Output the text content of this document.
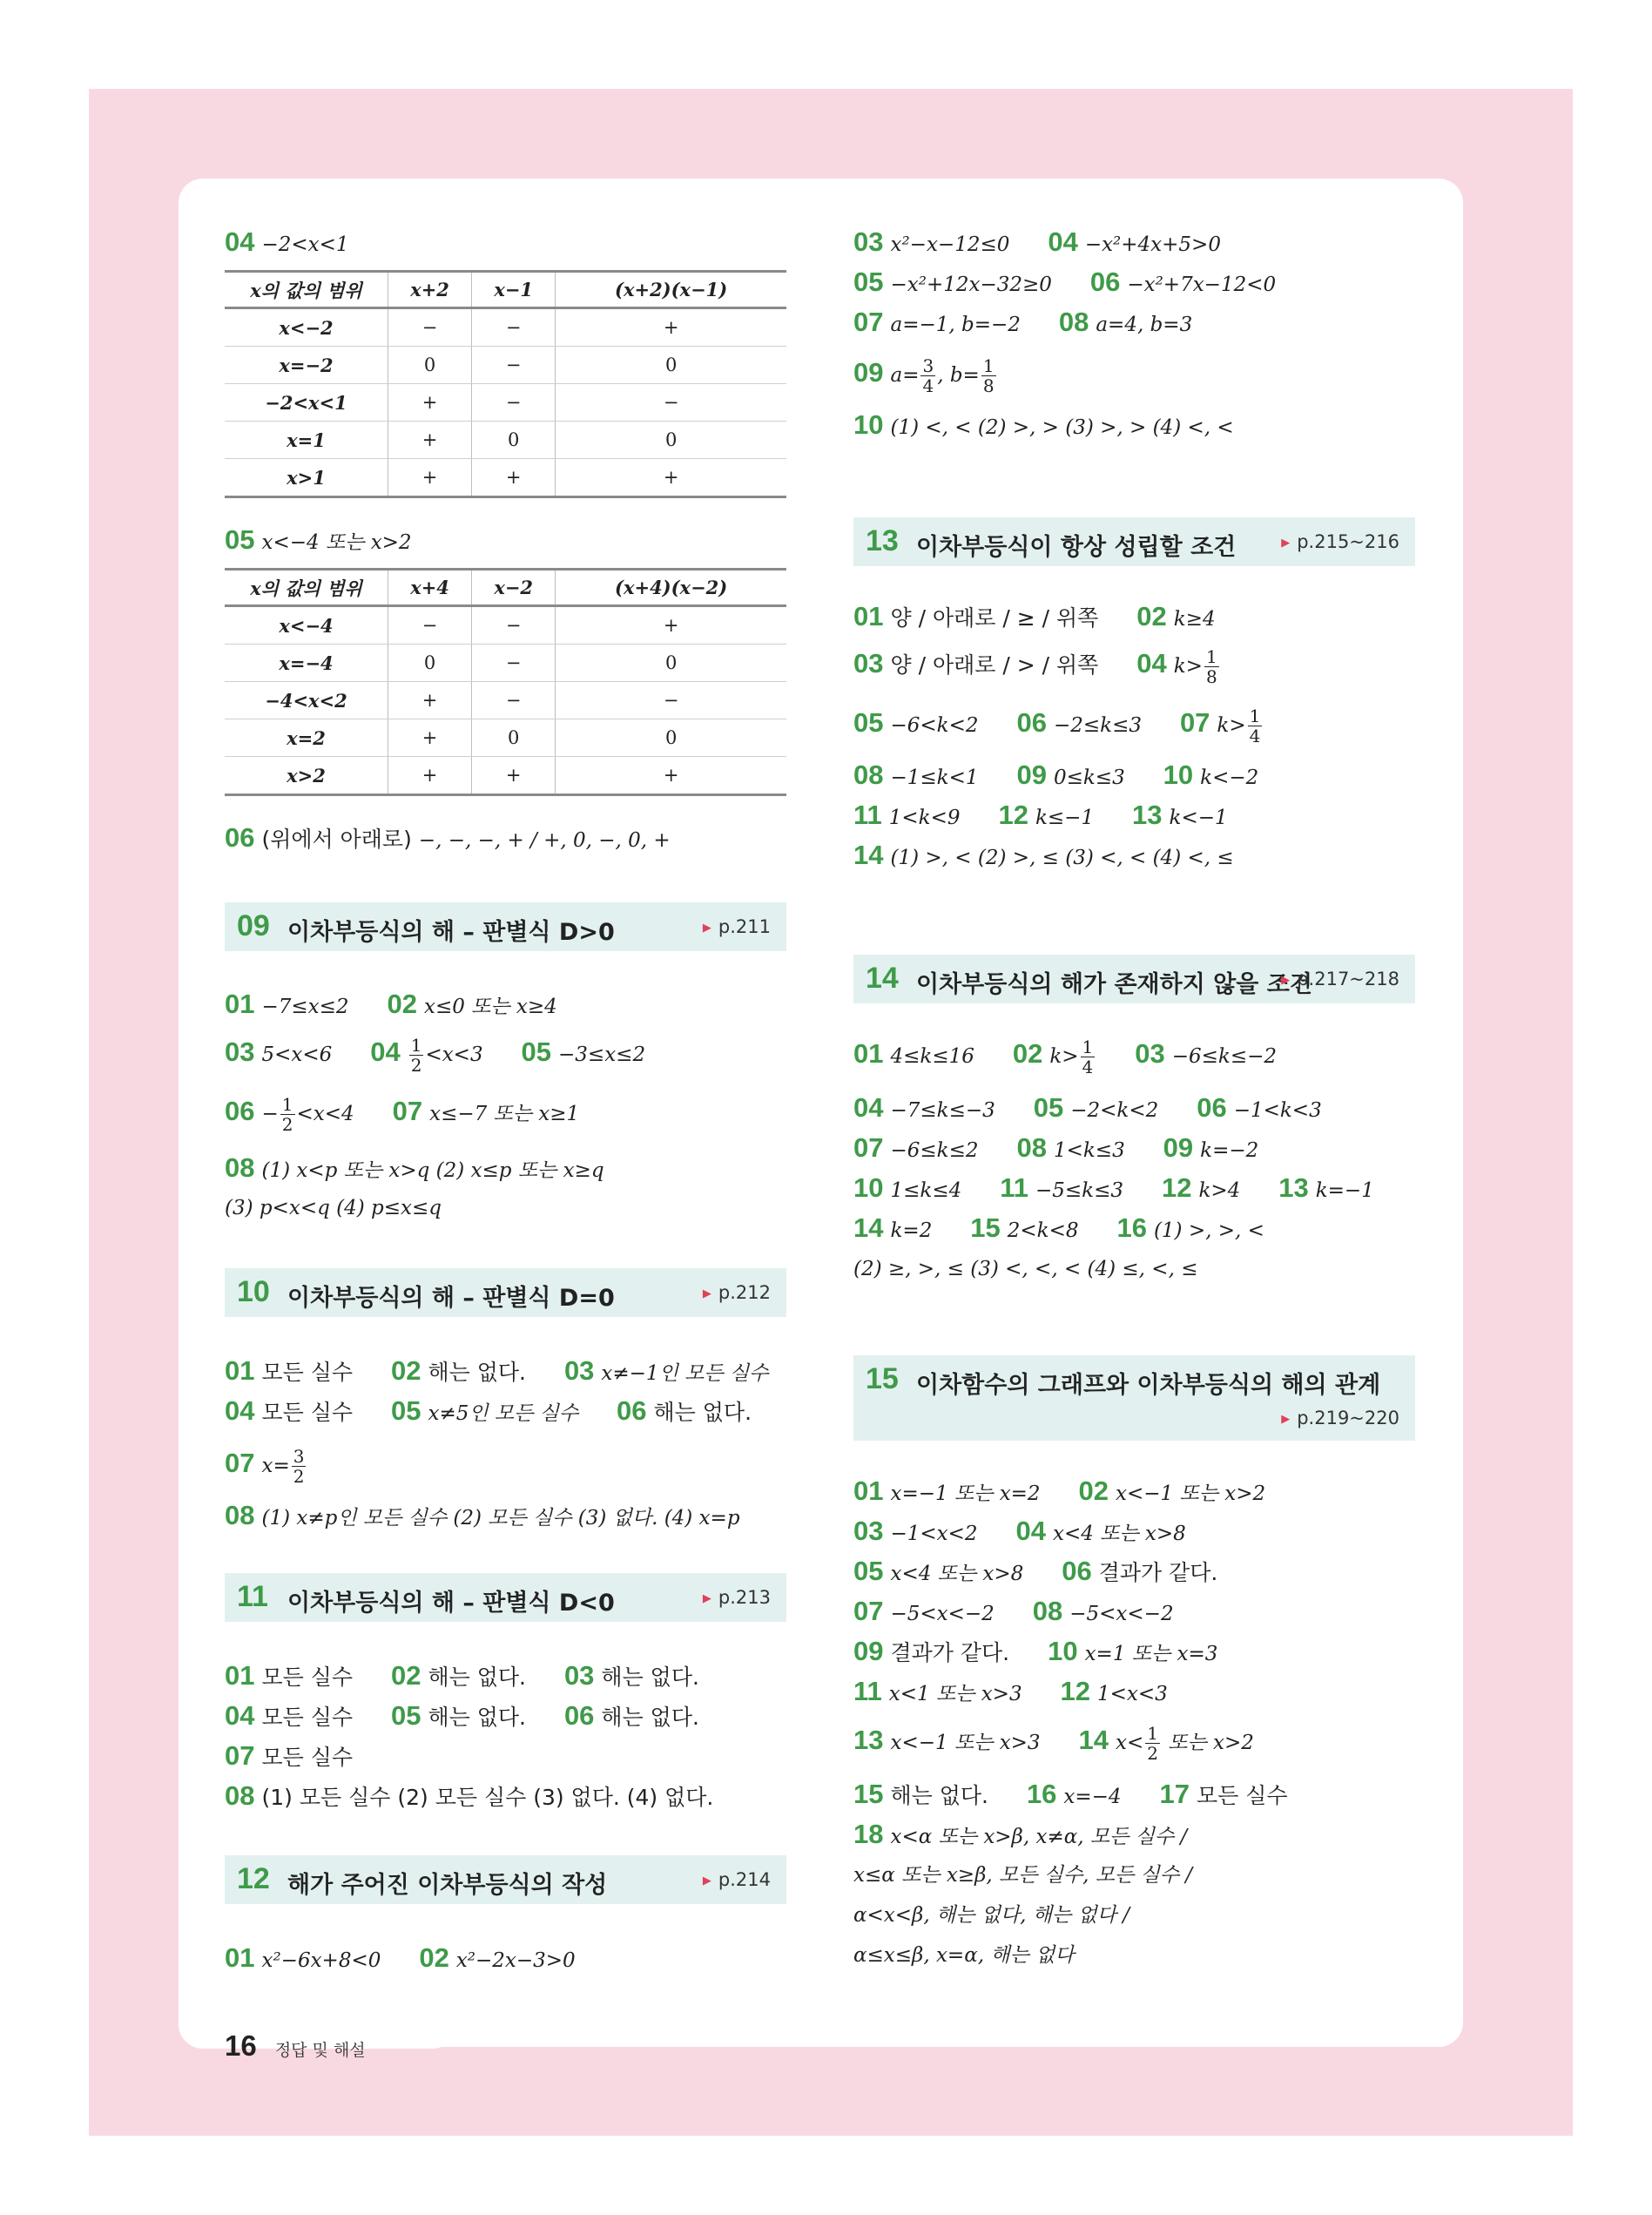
04 −2<x<1
x의 값의 범위	x+2	x−1	(x+2)(x−1)
x<−2	−	−	+
x=−2	0	−	0
−2<x<1	+	−	−
x=1	+	0	0
x>1	+	+	+
05 x<−4 또는 x>2
x의 값의 범위	x+4	x−2	(x+4)(x−2)
x<−4	−	−	+
x=−4	0	−	0
−4<x<2	+	−	−
x=2	+	0	0
x>2	+	+	+
06 (위에서 아래로) −, −, −, + / +, 0, −, 0, +
09 이차부등식의 해 – 판별식 D>0	▶ p.211
01 −7≤x≤2 02 x≤0 또는 x≥4
03 5<x<6 $04 \frac{1}{2} <x<3$ 05 −3≤x≤2
$06 - \frac{1}{2} <x<4$ 07 x≤−7 또는 x≥1
08 (1) x<p 또는 x>q (2) x≤p 또는 x≥q
(3) p<x<q (4) p≤x≤q
10 이차부등식의 해 – 판별식 D=0	▶ p.212
01 모든 실수 02 해는 없다. 03 x≠−1인 모든 실수
04 모든 실수 05 x≠5인 모든 실수 06 해는 없다.
07 $x= \frac{3}{2}$
08 (1) x≠p인 모든 실수 (2) 모든 실수 (3) 없다. (4) x=p
11 이차부등식의 해 – 판별식 D<0	▶ p.213
01 모든 실수 02 해는 없다. 03 해는 없다.
04 모든 실수 05 해는 없다. 06 해는 없다.
07 모든 실수
08 (1) 모든 실수 (2) 모든 실수 (3) 없다. (4) 없다.
12 해가 주어진 이차부등식의 작성	▶ p.214
01 x²−6x+8<0 02 x²−2x−3>0
03 x²−x−12≤0 04 −x²+4x+5>0
05 −x²+12x−32≥0 06 −x²+7x−12<0
07 a=−1, b=−2 08 a=4, b=3
09 $a= \frac{3}{4}$ , $b= \frac{1}{8}$
10 (1) <, < (2) >, > (3) >, > (4) <, <
13 이차부등식이 항상 성립할 조건	▶ p.215~216
01 양 / 아래로 / ≥ / 위쪽 02 k≥4
03 양 / 아래로 / > / 위쪽 04 $k> \frac{1}{8}$
05 −6<k<2 06 −2≤k≤3 07 $k> \frac{1}{4}$
08 −1≤k<1 09 0≤k≤3 10 k<−2
11 1<k<9 12 k≤−1 13 k<−1
14 (1) >, < (2) >, ≤ (3) <, < (4) <, ≤
14 이차부등식의 해가 존재하지 않을 조건
▶ p.217~218
01 4≤k≤16 02 $k> \frac{1}{4} 03 -6\le k\le-2$
04 −7≤k≤−3 05 −2<k<2 06 −1<k<3
07 −6≤k≤2 08 1<k≤3 09 k=−2
10 1≤k≤4 11 −5≤k≤3 12 k>4 13 k=−1
14 k=2 15 2<k<8 16 (1) >, >, <
(2) ≥, >, ≤ (3) <, <, < (4) ≤, <, ≤
15 이차함수의 그래프와 이차부등식의 해의 관계
▶ p.219~220
01 x=−1 또는 x=2 02 x<−1 또는 x>2
03 −1<x<2 04 x<4 또는 x>8
05 x<4 또는 x>8 06 결과가 같다.
07 −5<x<−2 08 −5<x<−2
09 결과가 같다. 10 x=1 또는 x=3
11 x<1 또는 x>3 12 1<x<3
13 x<−1 또는 x>3 14 $x< \frac{1}{2}$ 또는 x>2
15 해는 없다. 16 x=−4 17 모든 실수
18 x<α 또는 x>β, x≠α, 모든 실수 /
x≤α 또는 x≥β, 모든 실수, 모든 실수 /
α<x<β, 해는 없다, 해는 없다 /
α≤x≤β, x=α, 해는 없다
16 정답 및 해설
